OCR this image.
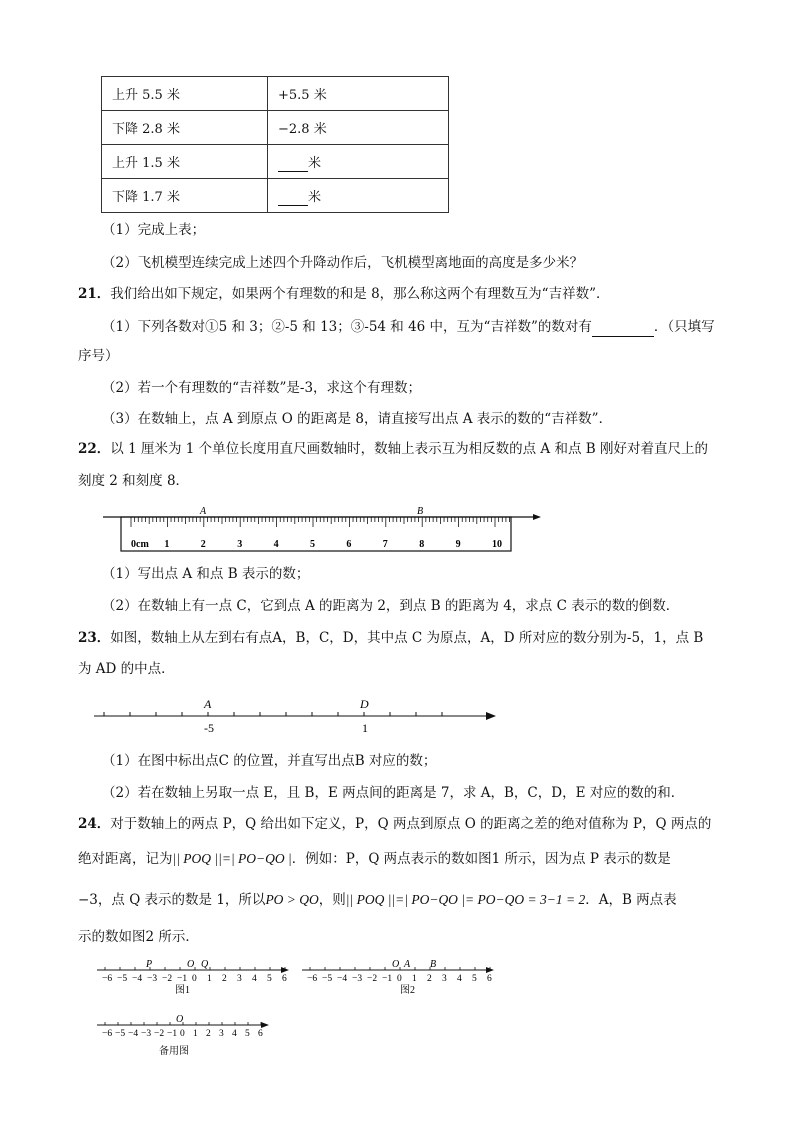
上升 5.5 米	+5.5 米
下降 2.8 米	−2.8 米
上升 1.5 米	米
下降 1.7 米	米
（1）完成上表；
（2）飞机模型连续完成上述四个升降动作后，飞机模型离地面的高度是多少米？
21．我们给出如下规定，如果两个有理数的和是 8，那么称这两个有理数互为“吉祥数”．
（1）下列各数对①5 和 3；②-5 和 13；③-54 和 46 中，互为“吉祥数”的数对有	．（只填写
序号）
（2）若一个有理数的“吉祥数”是-3，求这个有理数；
（3）在数轴上，点 A 到原点 O 的距离是 8，请直接写出点 A 表示的数的“吉祥数”．
22．以 1 厘米为 1 个单位长度用直尺画数轴时，数轴上表示互为相反数的点 A 和点 B 刚好对着直尺上的
刻度 2 和刻度 8．
A	B
0cm 1	2	3	4	5	6	7	8	9	10
（1）写出点 A 和点 B 表示的数；
（2）在数轴上有一点 C，它到点 A 的距离为 2，到点 B 的距离为 4，求点 C 表示的数的倒数．
23．如图，数轴上从左到右有点A，B，C，D，其中点 C 为原点，A，D 所对应的数分别为-5，1，点 B
为 AD 的中点．
A	D
-5	1
（1）在图中标出点C 的位置，并直写出点B 对应的数；
（2）若在数轴上另取一点 E，且 B，E 两点间的距离是 7，求 A，B，C，D，E 对应的数的和．
24．对于数轴上的两点 P，Q 给出如下定义，P，Q 两点到原点 O 的距离之差的绝对值称为 P，Q 两点的
绝对距离，记为|| POQ ||=| PO−QO |．例如：P，Q 两点表示的数如图1 所示，因为点 P 表示的数是
−3，点 Q 表示的数是 1，所以PO > QO，则|| POQ ||=| PO−QO |= PO−QO = 3−1 = 2．A，B 两点表
示的数如图2 所示．
−6 −5 −4 −3 −2 −1 0 1 2 3 4 5 6
P	O Q
图1
−6 −5 −4 −3 −2 −1 0 1 2 3 4 5 6
O A B
图2
−6 −5 −4 −3 −2 −1 0 1 2 3 4 5 6
O
备用图
